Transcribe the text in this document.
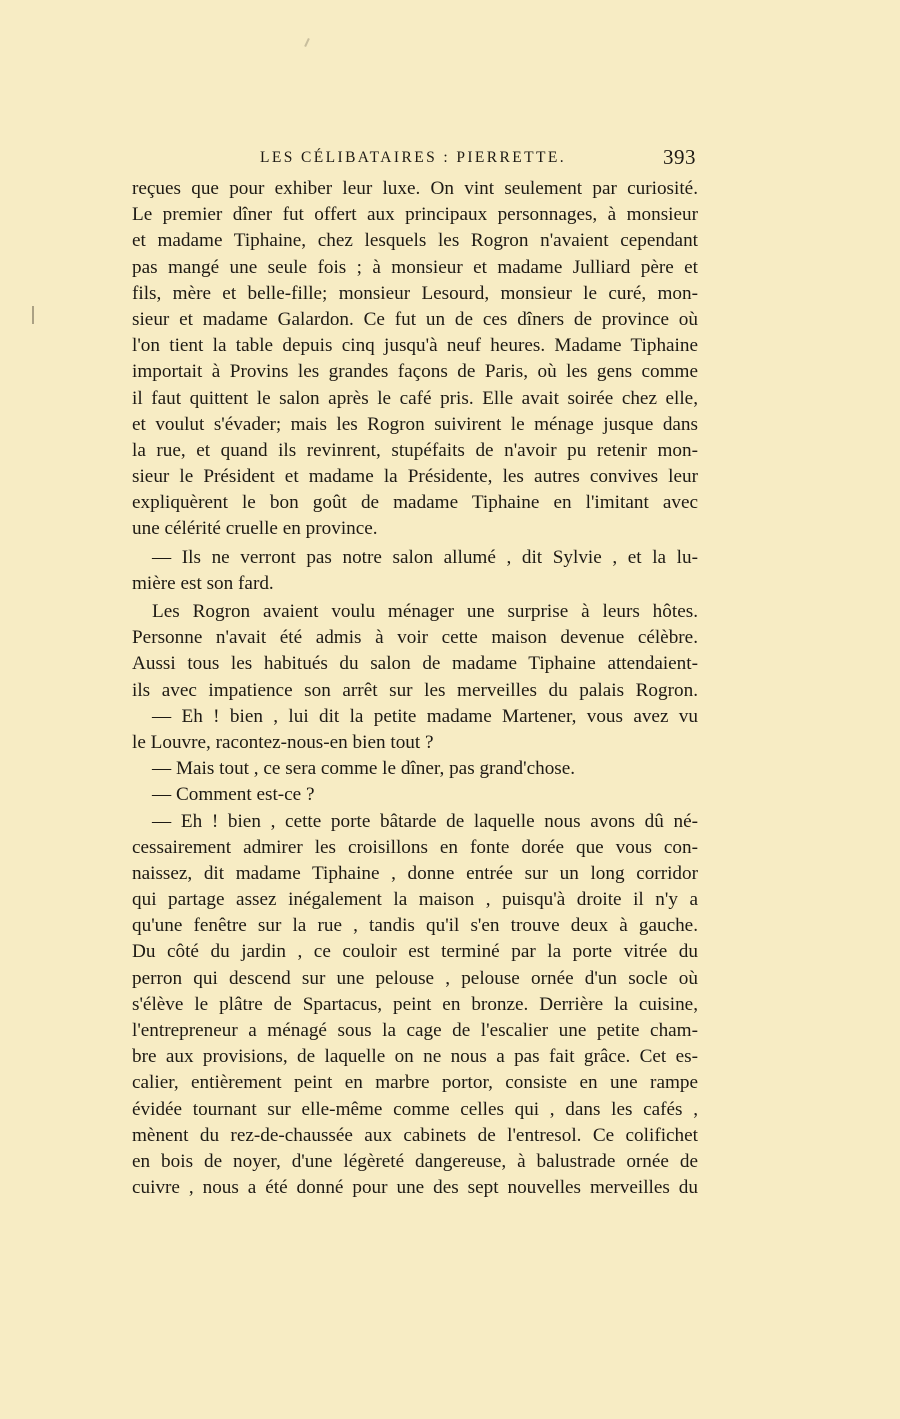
LES CÉLIBATAIRES : PIERRETTE.	393
reçues que pour exhiber leur luxe. On vint seulement par curiosité.
Le premier dîner fut offert aux principaux personnages, à monsieur
et madame Tiphaine, chez lesquels les Rogron n'avaient cependant
pas mangé une seule fois ; à monsieur et madame Julliard père et
fils, mère et belle-fille; monsieur Lesourd, monsieur le curé, mon-
sieur et madame Galardon. Ce fut un de ces dîners de province où
l'on tient la table depuis cinq jusqu'à neuf heures. Madame Tiphaine
importait à Provins les grandes façons de Paris, où les gens comme
il faut quittent le salon après le café pris. Elle avait soirée chez elle,
et voulut s'évader; mais les Rogron suivirent le ménage jusque dans
la rue, et quand ils revinrent, stupéfaits de n'avoir pu retenir mon-
sieur le Président et madame la Présidente, les autres convives leur
expliquèrent le bon goût de madame Tiphaine en l'imitant avec
une célérité cruelle en province.
— Ils ne verront pas notre salon allumé , dit Sylvie , et la lu-
mière est son fard.
Les Rogron avaient voulu ménager une surprise à leurs hôtes.
Personne n'avait été admis à voir cette maison devenue célèbre.
Aussi tous les habitués du salon de madame Tiphaine attendaient-
ils avec impatience son arrêt sur les merveilles du palais Rogron.
— Eh ! bien , lui dit la petite madame Martener, vous avez vu
le Louvre, racontez-nous-en bien tout ?
— Mais tout , ce sera comme le dîner, pas grand'chose.
— Comment est-ce ?
— Eh ! bien , cette porte bâtarde de laquelle nous avons dû né-
cessairement admirer les croisillons en fonte dorée que vous con-
naissez, dit madame Tiphaine , donne entrée sur un long corridor
qui partage assez inégalement la maison , puisqu'à droite il n'y a
qu'une fenêtre sur la rue , tandis qu'il s'en trouve deux à gauche.
Du côté du jardin , ce couloir est terminé par la porte vitrée du
perron qui descend sur une pelouse , pelouse ornée d'un socle où
s'élève le plâtre de Spartacus, peint en bronze. Derrière la cuisine,
l'entrepreneur a ménagé sous la cage de l'escalier une petite cham-
bre aux provisions, de laquelle on ne nous a pas fait grâce. Cet es-
calier, entièrement peint en marbre portor, consiste en une rampe
évidée tournant sur elle-même comme celles qui , dans les cafés ,
mènent du rez-de-chaussée aux cabinets de l'entresol. Ce colifichet
en bois de noyer, d'une légèreté dangereuse, à balustrade ornée de
cuivre , nous a été donné pour une des sept nouvelles merveilles du
